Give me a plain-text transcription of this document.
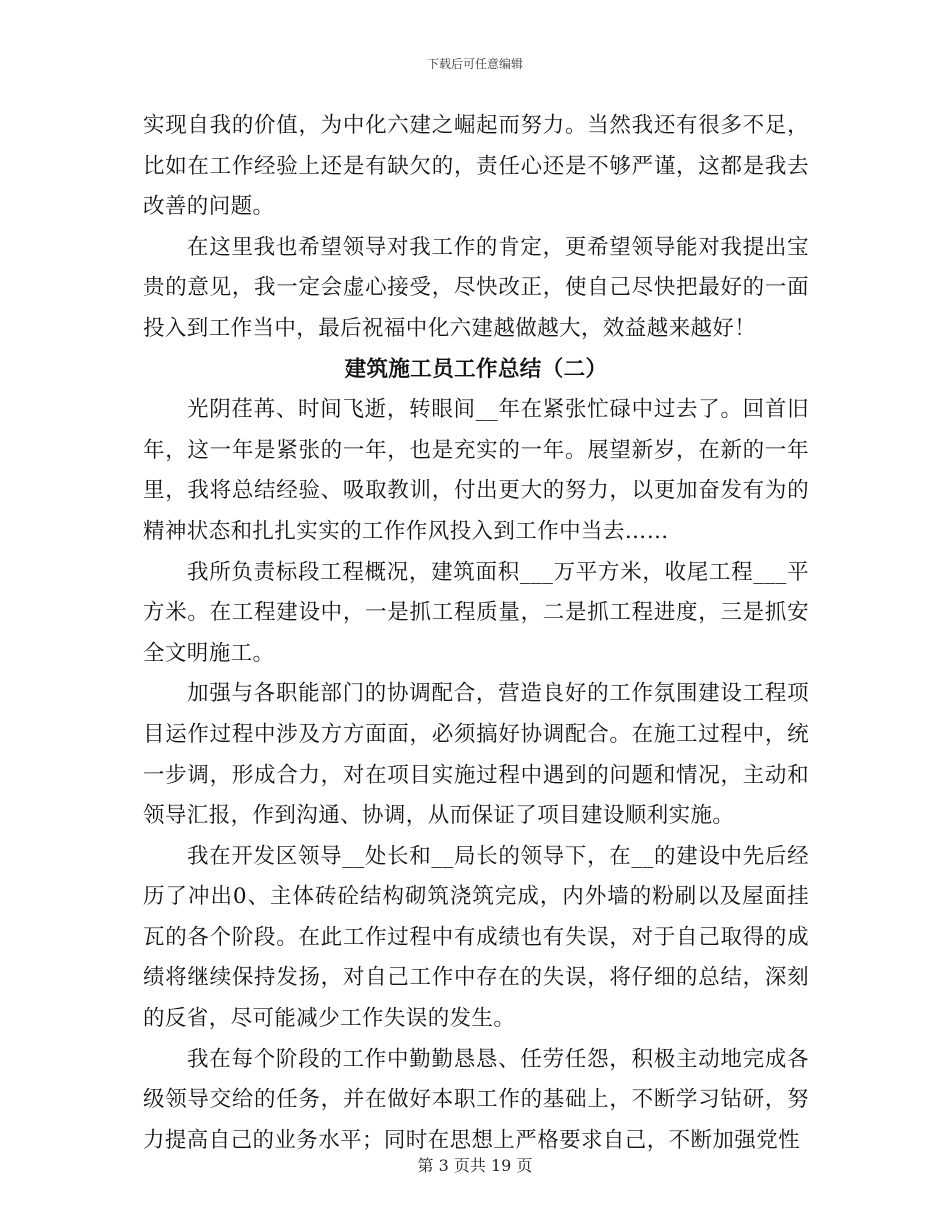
下载后可任意编辑

实现自我的价值，为中化六建之崛起而努力。当然我还有很多不足，比如在工作经验上还是有缺欠的，责任心还是不够严谨，这都是我去改善的问题。

在这里我也希望领导对我工作的肯定，更希望领导能对我提出宝贵的意见，我一定会虚心接受，尽快改正，使自己尽快把最好的一面投入到工作当中，最后祝福中化六建越做越大，效益越来越好！

建筑施工员工作总结（二）

光阴荏苒、时间飞逝，转眼间__年在紧张忙碌中过去了。回首旧年，这一年是紧张的一年，也是充实的一年。展望新岁，在新的一年里，我将总结经验、吸取教训，付出更大的努力，以更加奋发有为的精神状态和扎扎实实的工作作风投入到工作中当去……

我所负责标段工程概况，建筑面积___万平方米，收尾工程___平方米。在工程建设中，一是抓工程质量，二是抓工程进度，三是抓安全文明施工。

加强与各职能部门的协调配合，营造良好的工作氛围建设工程项目运作过程中涉及方方面面，必须搞好协调配合。在施工过程中，统一步调，形成合力，对在项目实施过程中遇到的问题和情况，主动和领导汇报，作到沟通、协调，从而保证了项目建设顺利实施。

我在开发区领导__处长和__局长的领导下，在__的建设中先后经历了冲出0、主体砖砼结构砌筑浇筑完成，内外墙的粉刷以及屋面挂瓦的各个阶段。在此工作过程中有成绩也有失误，对于自己取得的成绩将继续保持发扬，对自己工作中存在的失误，将仔细的总结，深刻的反省，尽可能减少工作失误的发生。

我在每个阶段的工作中勤勤恳恳、任劳任怨，积极主动地完成各级领导交给的任务，并在做好本职工作的基础上，不断学习钻研，努力提高自己的业务水平；同时在思想上严格要求自己，不断加强党性

第 3 页共 19 页
